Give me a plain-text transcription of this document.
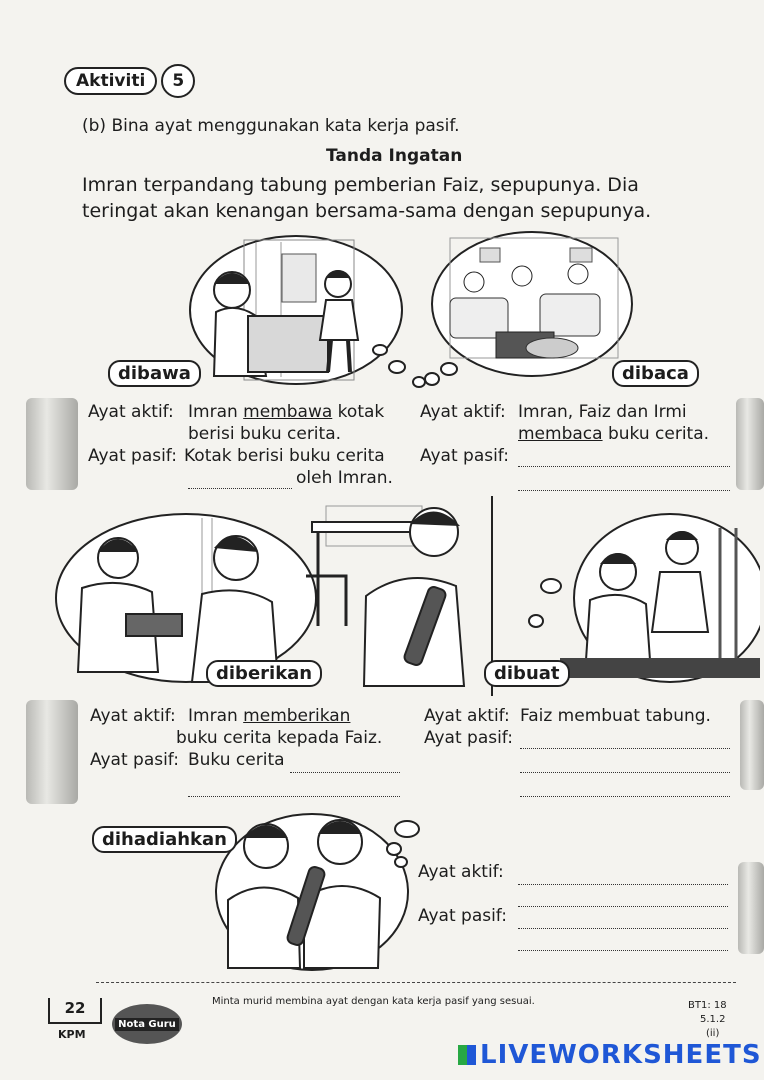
Aktiviti	5
(b) Bina ayat menggunakan kata kerja pasif.
Tanda Ingatan
Imran terpandang tabung pemberian Faiz, sepupunya. Dia
teringat akan kenangan bersama-sama dengan sepupunya.
dibawa	dibaca
Ayat aktif: Imran membawa kotak
berisi buku cerita.
Ayat pasif: Kotak berisi buku cerita
oleh Imran.
Ayat aktif: Imran, Faiz dan Irmi
membaca buku cerita.
Ayat pasif:
diberikan	dibuat
Ayat aktif: Imran memberikan
buku cerita kepada Faiz.
Ayat pasif: Buku cerita
Ayat aktif: Faiz membuat tabung.
Ayat pasif:
dihadiahkan
Ayat aktif:
Ayat pasif:
22
KPM
Nota Guru
Minta murid membina ayat dengan kata kerja pasif yang sesuai.	BT1: 18
5.1.2
(ii)
LIVEWORKSHEETS
